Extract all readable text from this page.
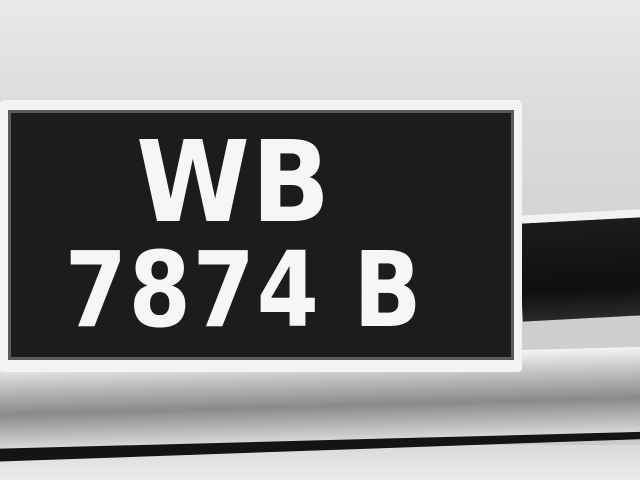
WB
7874 B
